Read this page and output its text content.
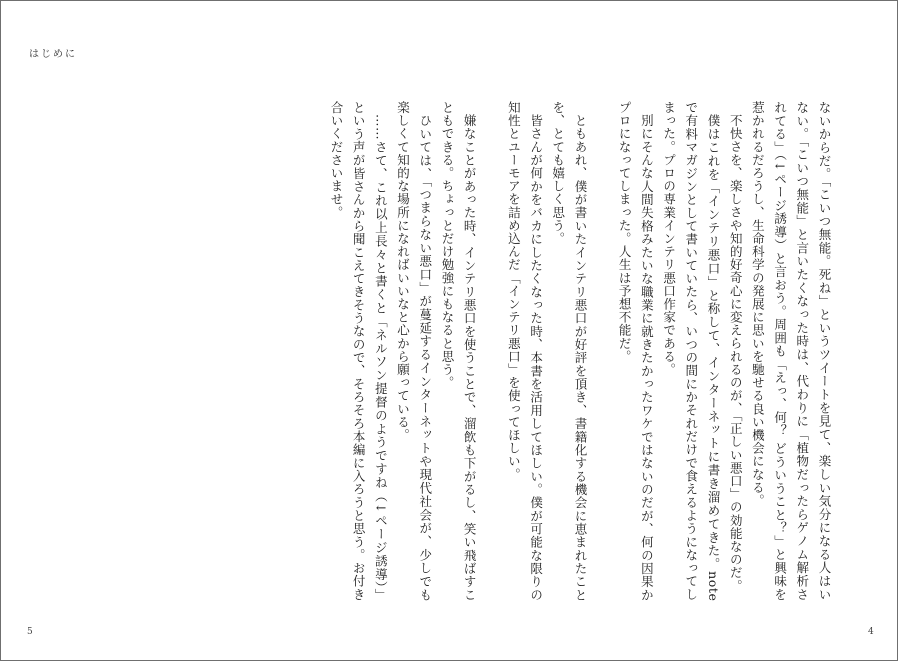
はじめに

ないからだ。「こいつ無能。死ね」というツイートを見て、楽しい気分になる人はいない。「こいつ無能」と言いたくなった時は、代わりに「植物だったらゲノム解析されてる」（↓ページ誘導）と言おう。周囲も「えっ、何？ どういうこと？」と興味を惹かれるだろうし、生命科学の発展に思いを馳せる良い機会になる。

不快さを、楽しさや知的好奇心に変えられるのが、「正しい悪口」の効能なのだ。

僕はこれを「インテリ悪口」と称して、インターネットに書き溜めてきた。noteで有料マガジンとして書いていたら、いつの間にかそれだけで食えるようになってしまった。プロの専業インテリ悪口作家である。

別にそんな人間失格みたいな職業に就きたかったワケではないのだが、何の因果かプロになってしまった。人生は予想不能だ。

ともあれ、僕が書いたインテリ悪口が好評を頂き、書籍化する機会に恵まれたことを、とても嬉しく思う。

皆さんが何かをバカにしたくなった時、本書を活用してほしい。僕が可能な限りの知性とユーモアを詰め込んだ「インテリ悪口」を使ってほしい。

嫌なことがあった時、インテリ悪口を使うことで、溜飲も下がるし、笑い飛ばすこともできる。ちょっとだけ勉強にもなると思う。

ひいては、「つまらない悪口」が蔓延するインターネットや現代社会が、少しでも楽しくて知的な場所になればいいなと心から願っている。

……さて、これ以上長々と書くと「ネルソン提督のようですね（↓ページ誘導）」という声が皆さんから聞こえてきそうなので、そろそろ本編に入ろうと思う。お付き合いくださいませ。

5	4
